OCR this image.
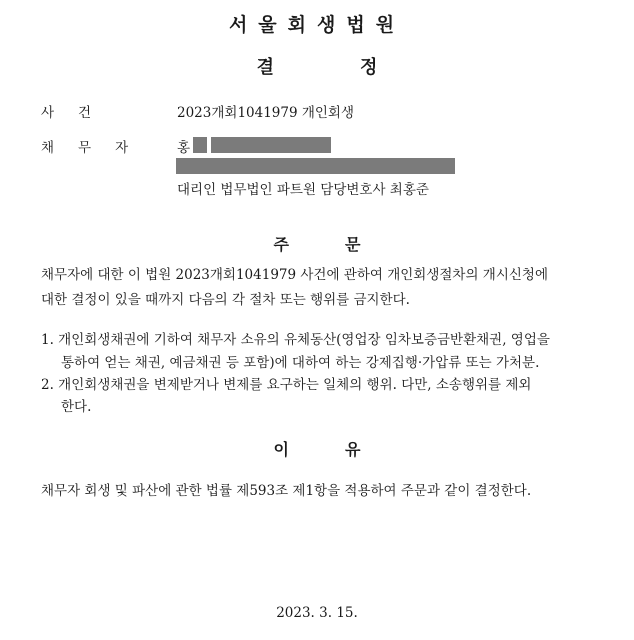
서울회생법원
결정
사건	2023개회1041979 개인회생
채무자 홍
대리인 법무법인 파트원 담당변호사 최홍준
주문
채무자에 대한 이 법원 2023개회1041979 사건에 관하여 개인회생절차의 개시신청에
대한 결정이 있을 때까지 다음의 각 절차 또는 행위를 금지한다.
1. 개인회생채권에 기하여 채무자 소유의 유체동산(영업장 임차보증금반환채권, 영업을
통하여 얻는 채권, 예금채권 등 포함)에 대하여 하는 강제집행·가압류 또는 가처분.
2. 개인회생채권을 변제받거나 변제를 요구하는 일체의 행위. 다만, 소송행위를 제외
한다.
이유
채무자 회생 및 파산에 관한 법률 제593조 제1항을 적용하여 주문과 같이 결정한다.
2023. 3. 15.
